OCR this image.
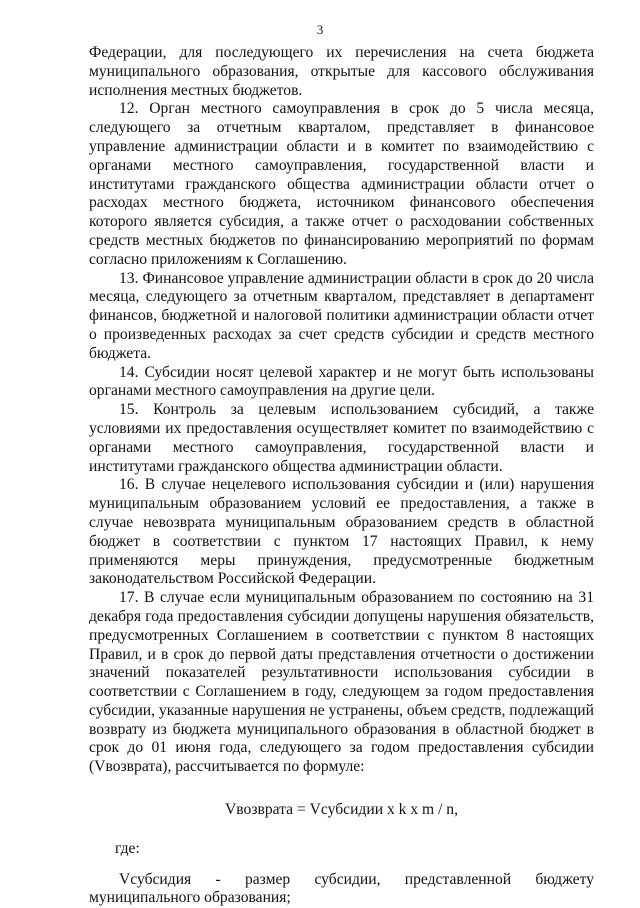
3

Федерации, для последующего их перечисления на счета бюджета муниципального образования, открытые для кассового обслуживания исполнения местных бюджетов.

12. Орган местного самоуправления в срок до 5 числа месяца, следующего за отчетным кварталом, представляет в финансовое управление администрации области и в комитет по взаимодействию с органами местного самоуправления, государственной власти и институтами гражданского общества администрации области отчет о расходах местного бюджета, источником финансового обеспечения которого является субсидия, а также отчет о расходовании собственных средств местных бюджетов по финансированию мероприятий по формам согласно приложениям к Соглашению.

13. Финансовое управление администрации области в срок до 20 числа месяца, следующего за отчетным кварталом, представляет в департамент финансов, бюджетной и налоговой политики администрации области отчет о произведенных расходах за счет средств субсидии и средств местного бюджета.

14. Субсидии носят целевой характер и не могут быть использованы органами местного самоуправления на другие цели.

15. Контроль за целевым использованием субсидий, а также условиями их предоставления осуществляет комитет по взаимодействию с органами местного самоуправления, государственной власти и институтами гражданского общества администрации области.

16. В случае нецелевого использования субсидии и (или) нарушения муниципальным образованием условий ее предоставления, а также в случае невозврата муниципальным образованием средств в областной бюджет в соответствии с пунктом 17 настоящих Правил, к нему применяются меры принуждения, предусмотренные бюджетным законодательством Российской Федерации.

17. В случае если муниципальным образованием по состоянию на 31 декабря года предоставления субсидии допущены нарушения обязательств, предусмотренных Соглашением в соответствии с пунктом 8 настоящих Правил, и в срок до первой даты представления отчетности о достижении значений показателей результативности использования субсидии в соответствии с Соглашением в году, следующем за годом предоставления субсидии, указанные нарушения не устранены, объем средств, подлежащий возврату из бюджета муниципального образования в областной бюджет в срок до 01 июня года, следующего за годом предоставления субсидии (Vвозврата), рассчитывается по формуле:

Vвозврата = Vсубсидии x k x m / n,

где:

Vсубсидия - размер субсидии, представленной бюджету муниципального образования;
